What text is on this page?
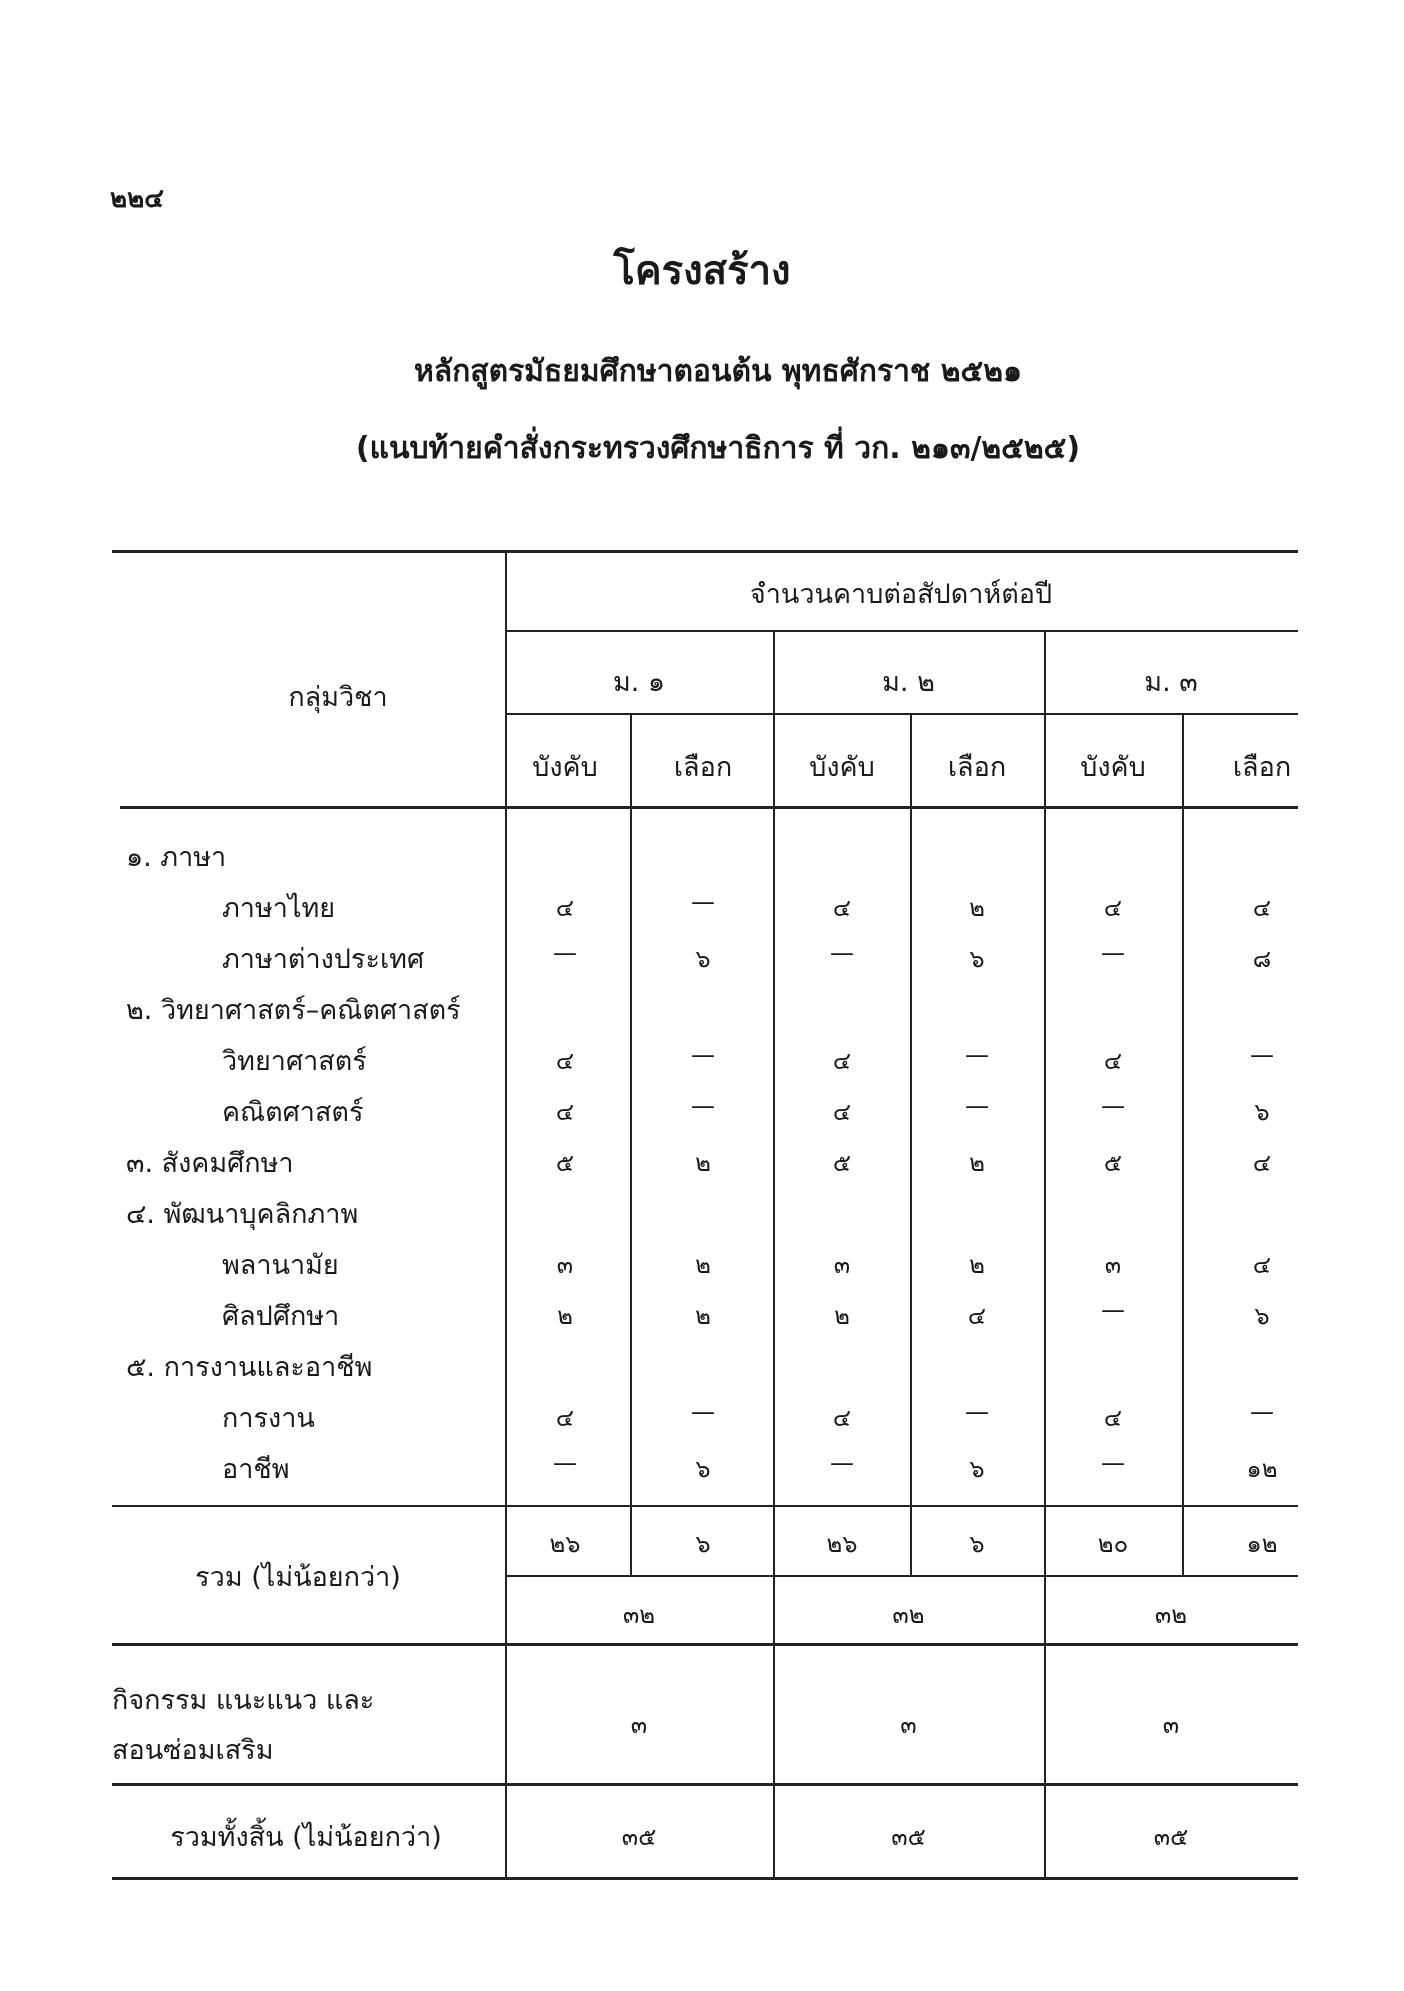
๒๒๔
โครงสร้าง
หลักสูตรมัธยมศึกษาตอนต้น พุทธศักราช ๒๕๒๑
(แนบท้ายคำสั่งกระทรวงศึกษาธิการ ที่ วก. ๒๑๓/๒๕๒๕)
กลุ่มวิชา
จำนวนคาบต่อสัปดาห์ต่อปี
ม. ๑	ม. ๒	ม. ๓
บังคับ	เลือก	บังคับ	เลือก	บังคับ	เลือก
๑. ภาษา
ภาษาไทย	๔	—	๔	๒	๔	๔
ภาษาต่างประเทศ	—	๖	—	๖	—	๘
๒. วิทยาศาสตร์–คณิตศาสตร์
วิทยาศาสตร์	๔	—	๔	—	๔	—
คณิตศาสตร์	๔	—	๔	—	—	๖
๓. สังคมศึกษา	๕	๒	๕	๒	๕	๔
๔. พัฒนาบุคลิกภาพ
พลานามัย	๓	๒	๓	๒	๓	๔
ศิลปศึกษา	๒	๒	๒	๔	—	๖
๕. การงานและอาชีพ
การงาน	๔	—	๔	—	๔	—
อาชีพ	—	๖	—	๖	—	๑๒
รวม (ไม่น้อยกว่า)
๒๖	๖	๒๖	๖	๒๐	๑๒
๓๒	๓๒	๓๒
กิจกรรม แนะแนว และ
สอนซ่อมเสริม
๓	๓	๓
รวมทั้งสิ้น (ไม่น้อยกว่า)	๓๕	๓๕	๓๕
